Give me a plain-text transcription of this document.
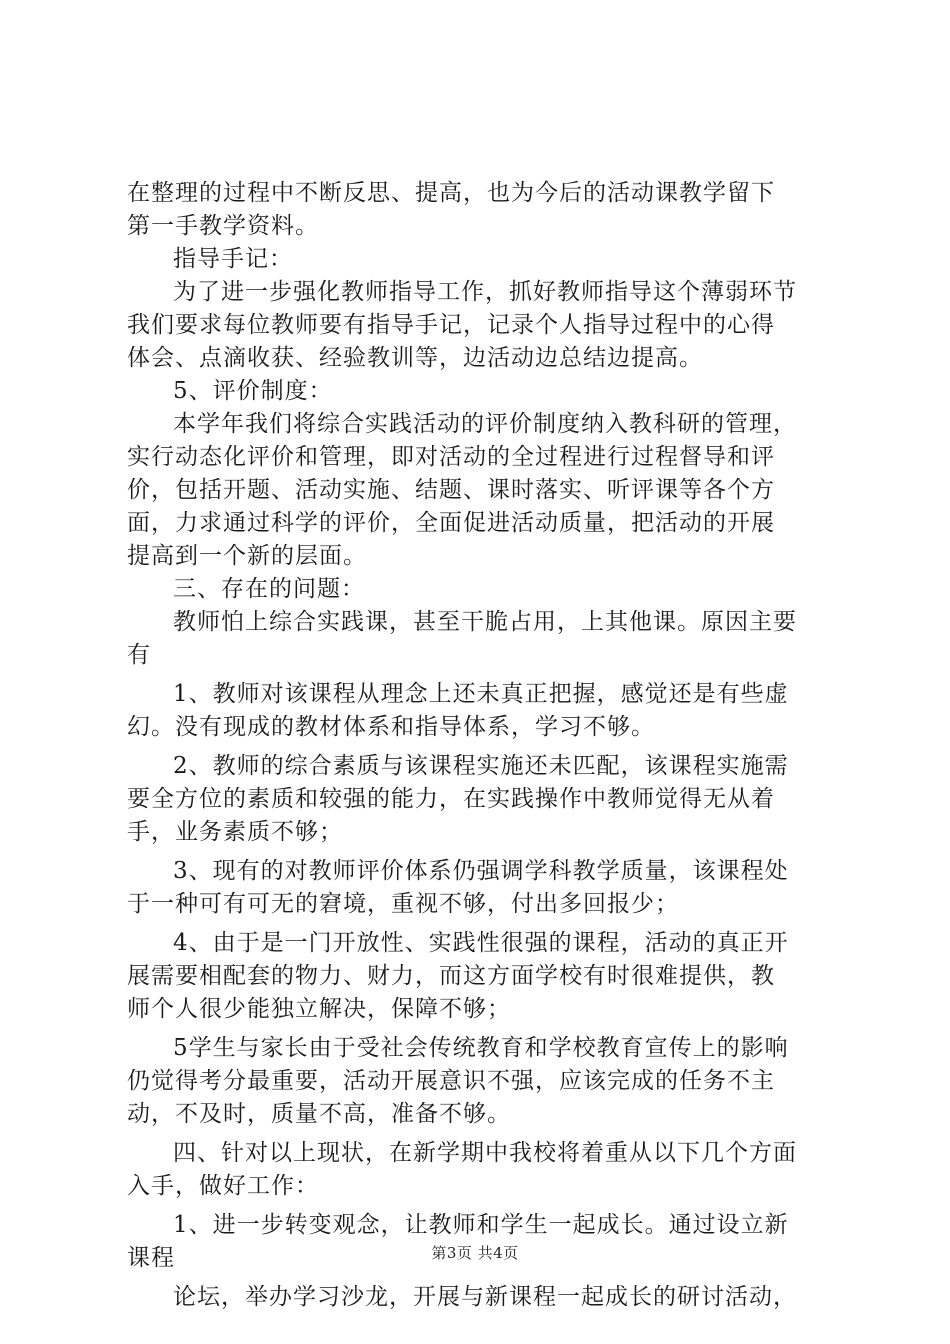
在整理的过程中不断反思、提高，也为今后的活动课教学留下
第一手教学资料。
指导手记：
为了进一步强化教师指导工作，抓好教师指导这个薄弱环节
我们要求每位教师要有指导手记，记录个人指导过程中的心得
体会、点滴收获、经验教训等，边活动边总结边提高。
5、评价制度：
本学年我们将综合实践活动的评价制度纳入教科研的管理，
实行动态化评价和管理，即对活动的全过程进行过程督导和评
价，包括开题、活动实施、结题、课时落实、听评课等各个方
面，力求通过科学的评价，全面促进活动质量，把活动的开展
提高到一个新的层面。
三、存在的问题：
教师怕上综合实践课，甚至干脆占用，上其他课。原因主要
有
1、教师对该课程从理念上还未真正把握，感觉还是有些虚
幻。没有现成的教材体系和指导体系，学习不够。
2、教师的综合素质与该课程实施还未匹配，该课程实施需
要全方位的素质和较强的能力，在实践操作中教师觉得无从着
手，业务素质不够；
3、现有的对教师评价体系仍强调学科教学质量，该课程处
于一种可有可无的窘境，重视不够，付出多回报少；
4、由于是一门开放性、实践性很强的课程，活动的真正开
展需要相配套的物力、财力，而这方面学校有时很难提供，教
师个人很少能独立解决，保障不够；
5学生与家长由于受社会传统教育和学校教育宣传上的影响
仍觉得考分最重要，活动开展意识不强，应该完成的任务不主
动，不及时，质量不高，准备不够。
四、针对以上现状，在新学期中我校将着重从以下几个方面
入手，做好工作：
1、进一步转变观念，让教师和学生一起成长。通过设立新
课程
论坛，举办学习沙龙，开展与新课程一起成长的研讨活动，
第3页 共4页
